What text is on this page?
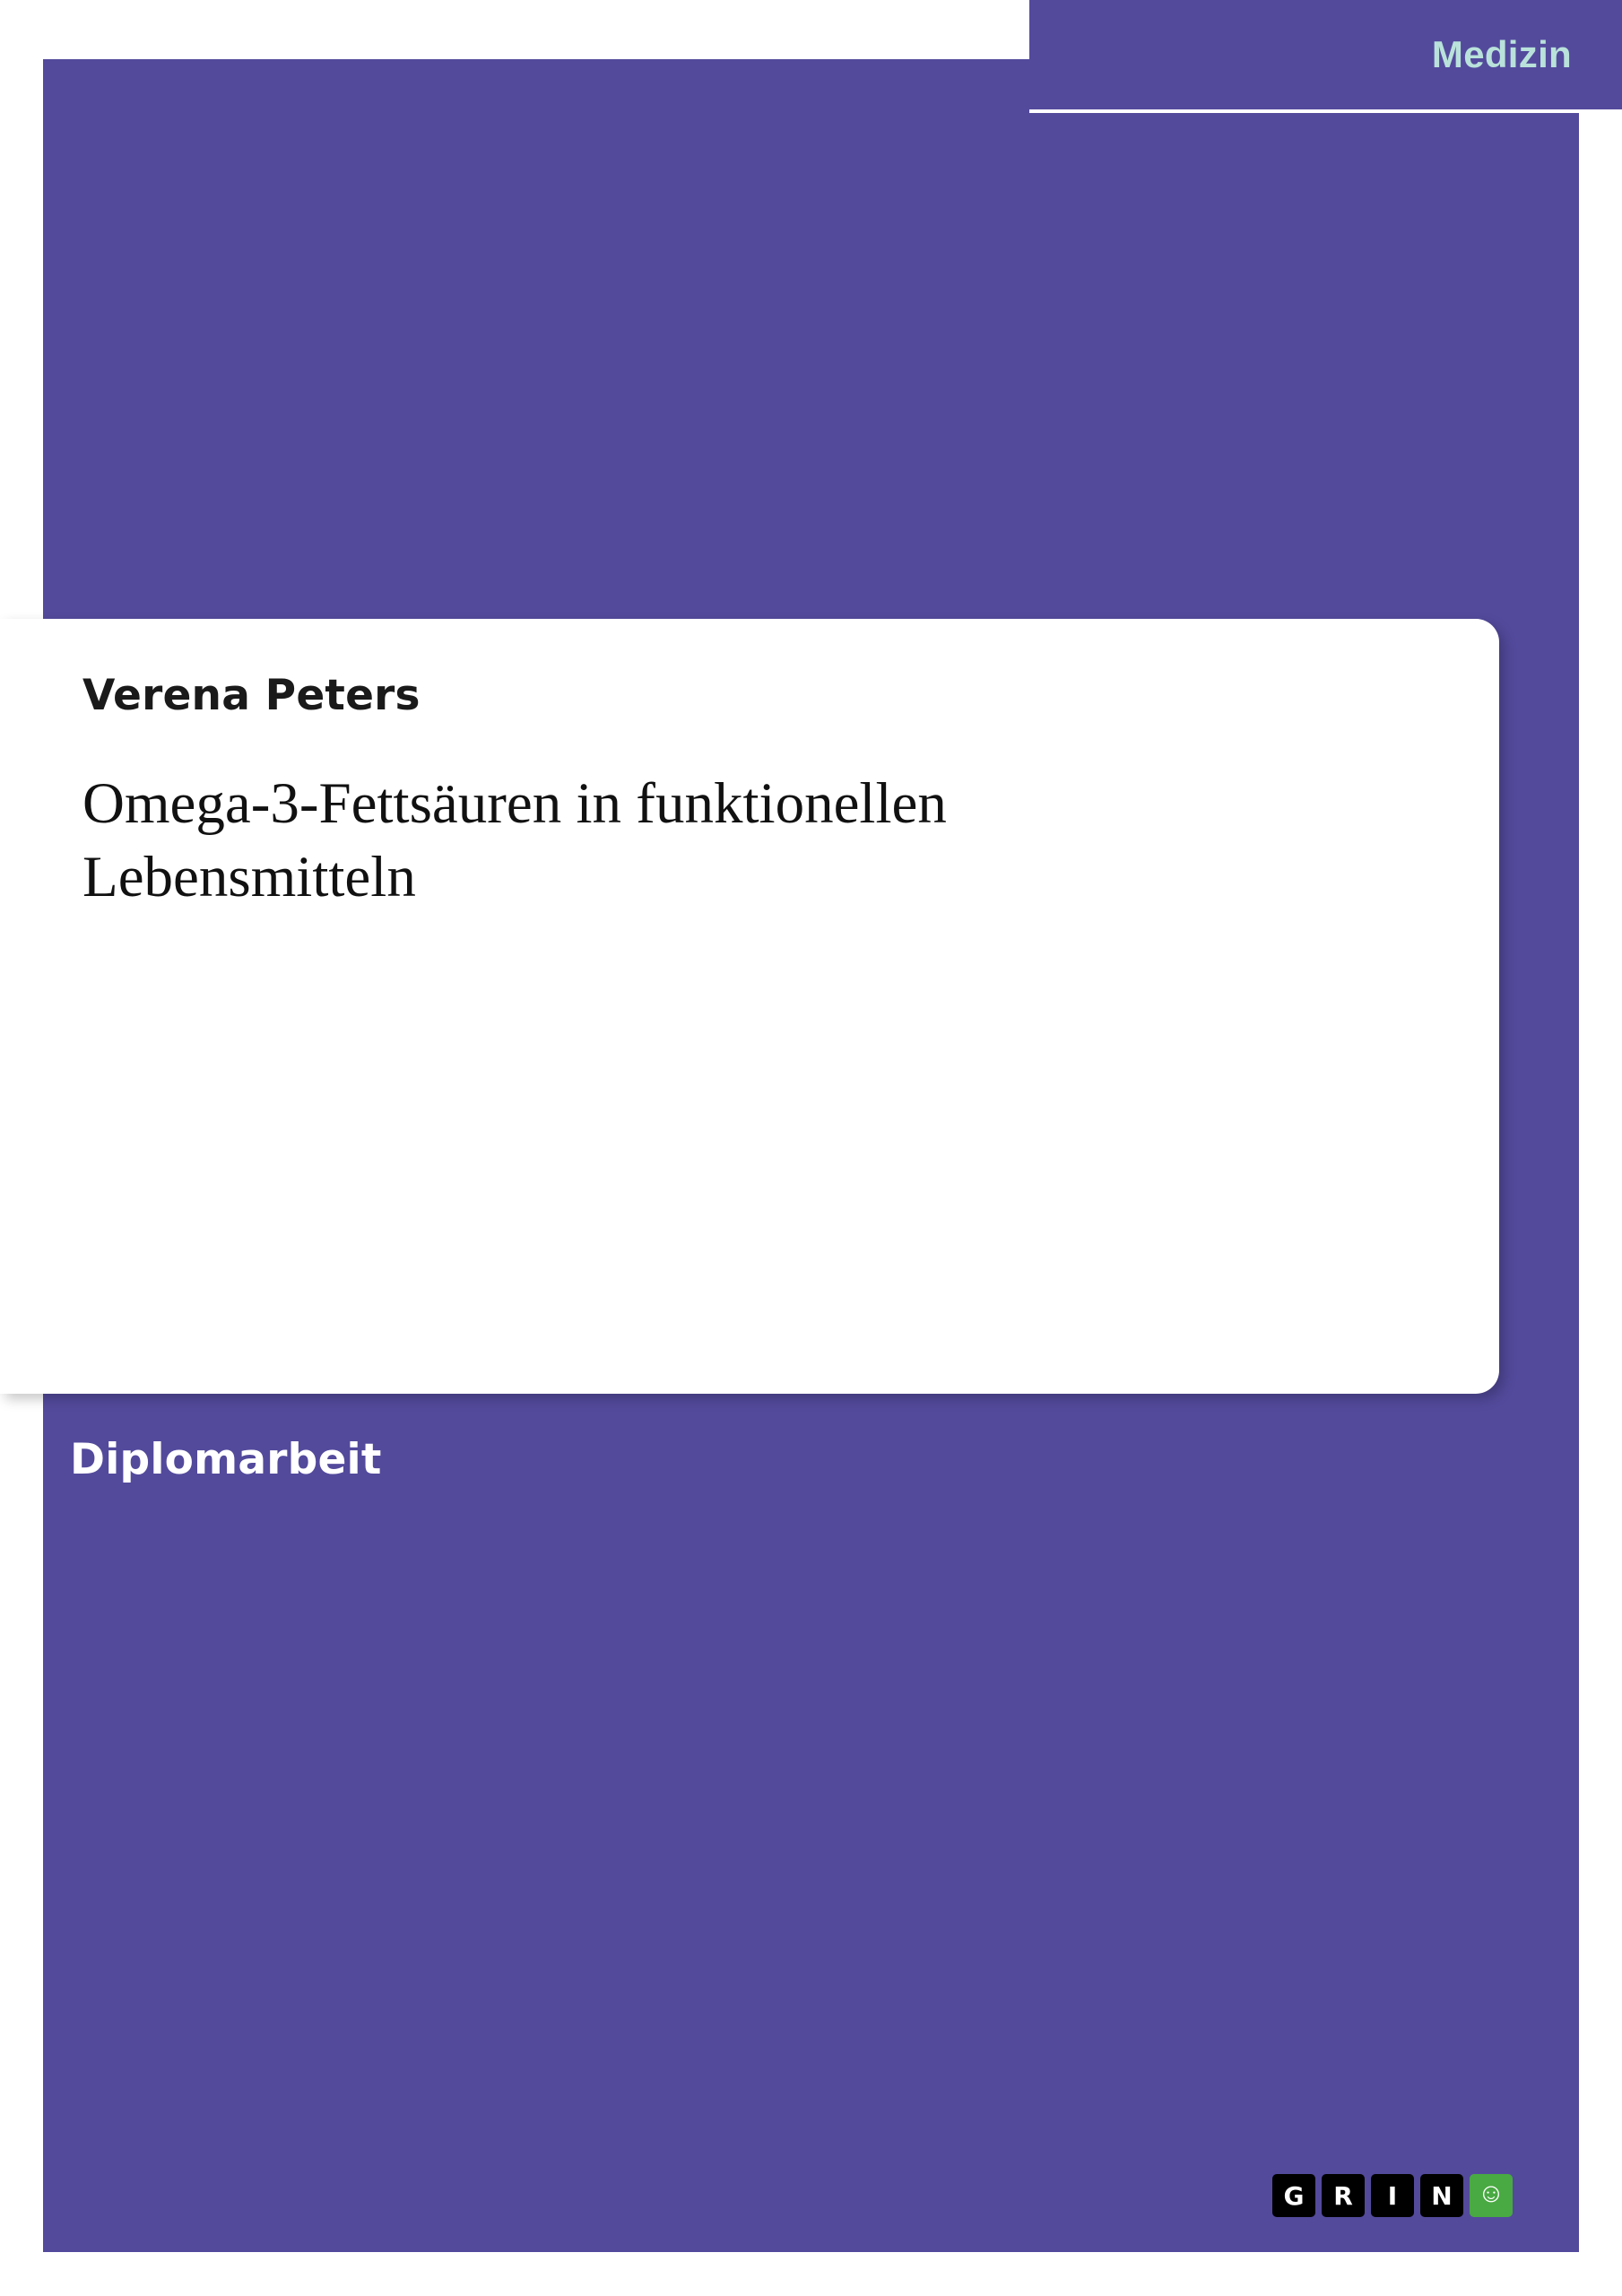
Medizin
Verena Peters
Omega-3-Fettsäuren in funktionellen Lebensmitteln
Diplomarbeit
G	R	I	N ☺
